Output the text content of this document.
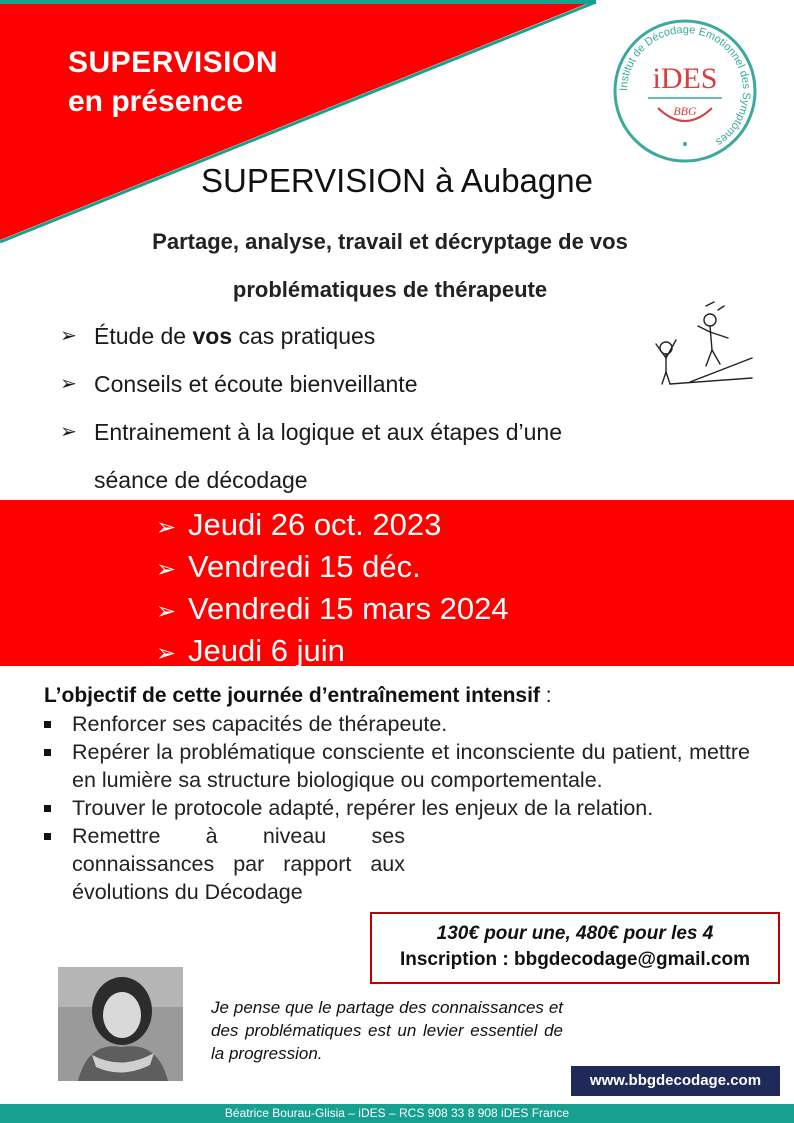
SUPERVISION
en présence	Institut de Décodage Emotionnel des Symptômes
iDES
BBG
SUPERVISION à Aubagne
Partage, analyse, travail et décryptage de vos
problématiques de thérapeute
➢ Étude de vos cas pratiques
➢ Conseils et écoute bienveillante
➢ Entrainement à la logique et aux étapes d’une
séance de décodage
➢ Jeudi 26 oct. 2023
➢ Vendredi 15 déc.
➢ Vendredi 15 mars 2024
➢ Jeudi 6 juin
L’objectif de cette journée d’entraînement intensif :
Renforcer ses capacités de thérapeute.
Repérer la problématique consciente et inconsciente du patient, mettre en lumière sa structure biologique ou comportementale.
Trouver le protocole adapté, repérer les enjeux de la relation.
Remettre à niveau ses connaissances par rapport aux évolutions du Décodage
130€ pour une, 480€ pour les 4
Inscription : bbgdecodage@gmail.com
Je pense que le partage des connaissances et des problématiques est un levier essentiel de la progression.
www.bbgdecodage.com
Béatrice Bourau-Glisia – iDES – RCS 908 33 8 908 iDES France
